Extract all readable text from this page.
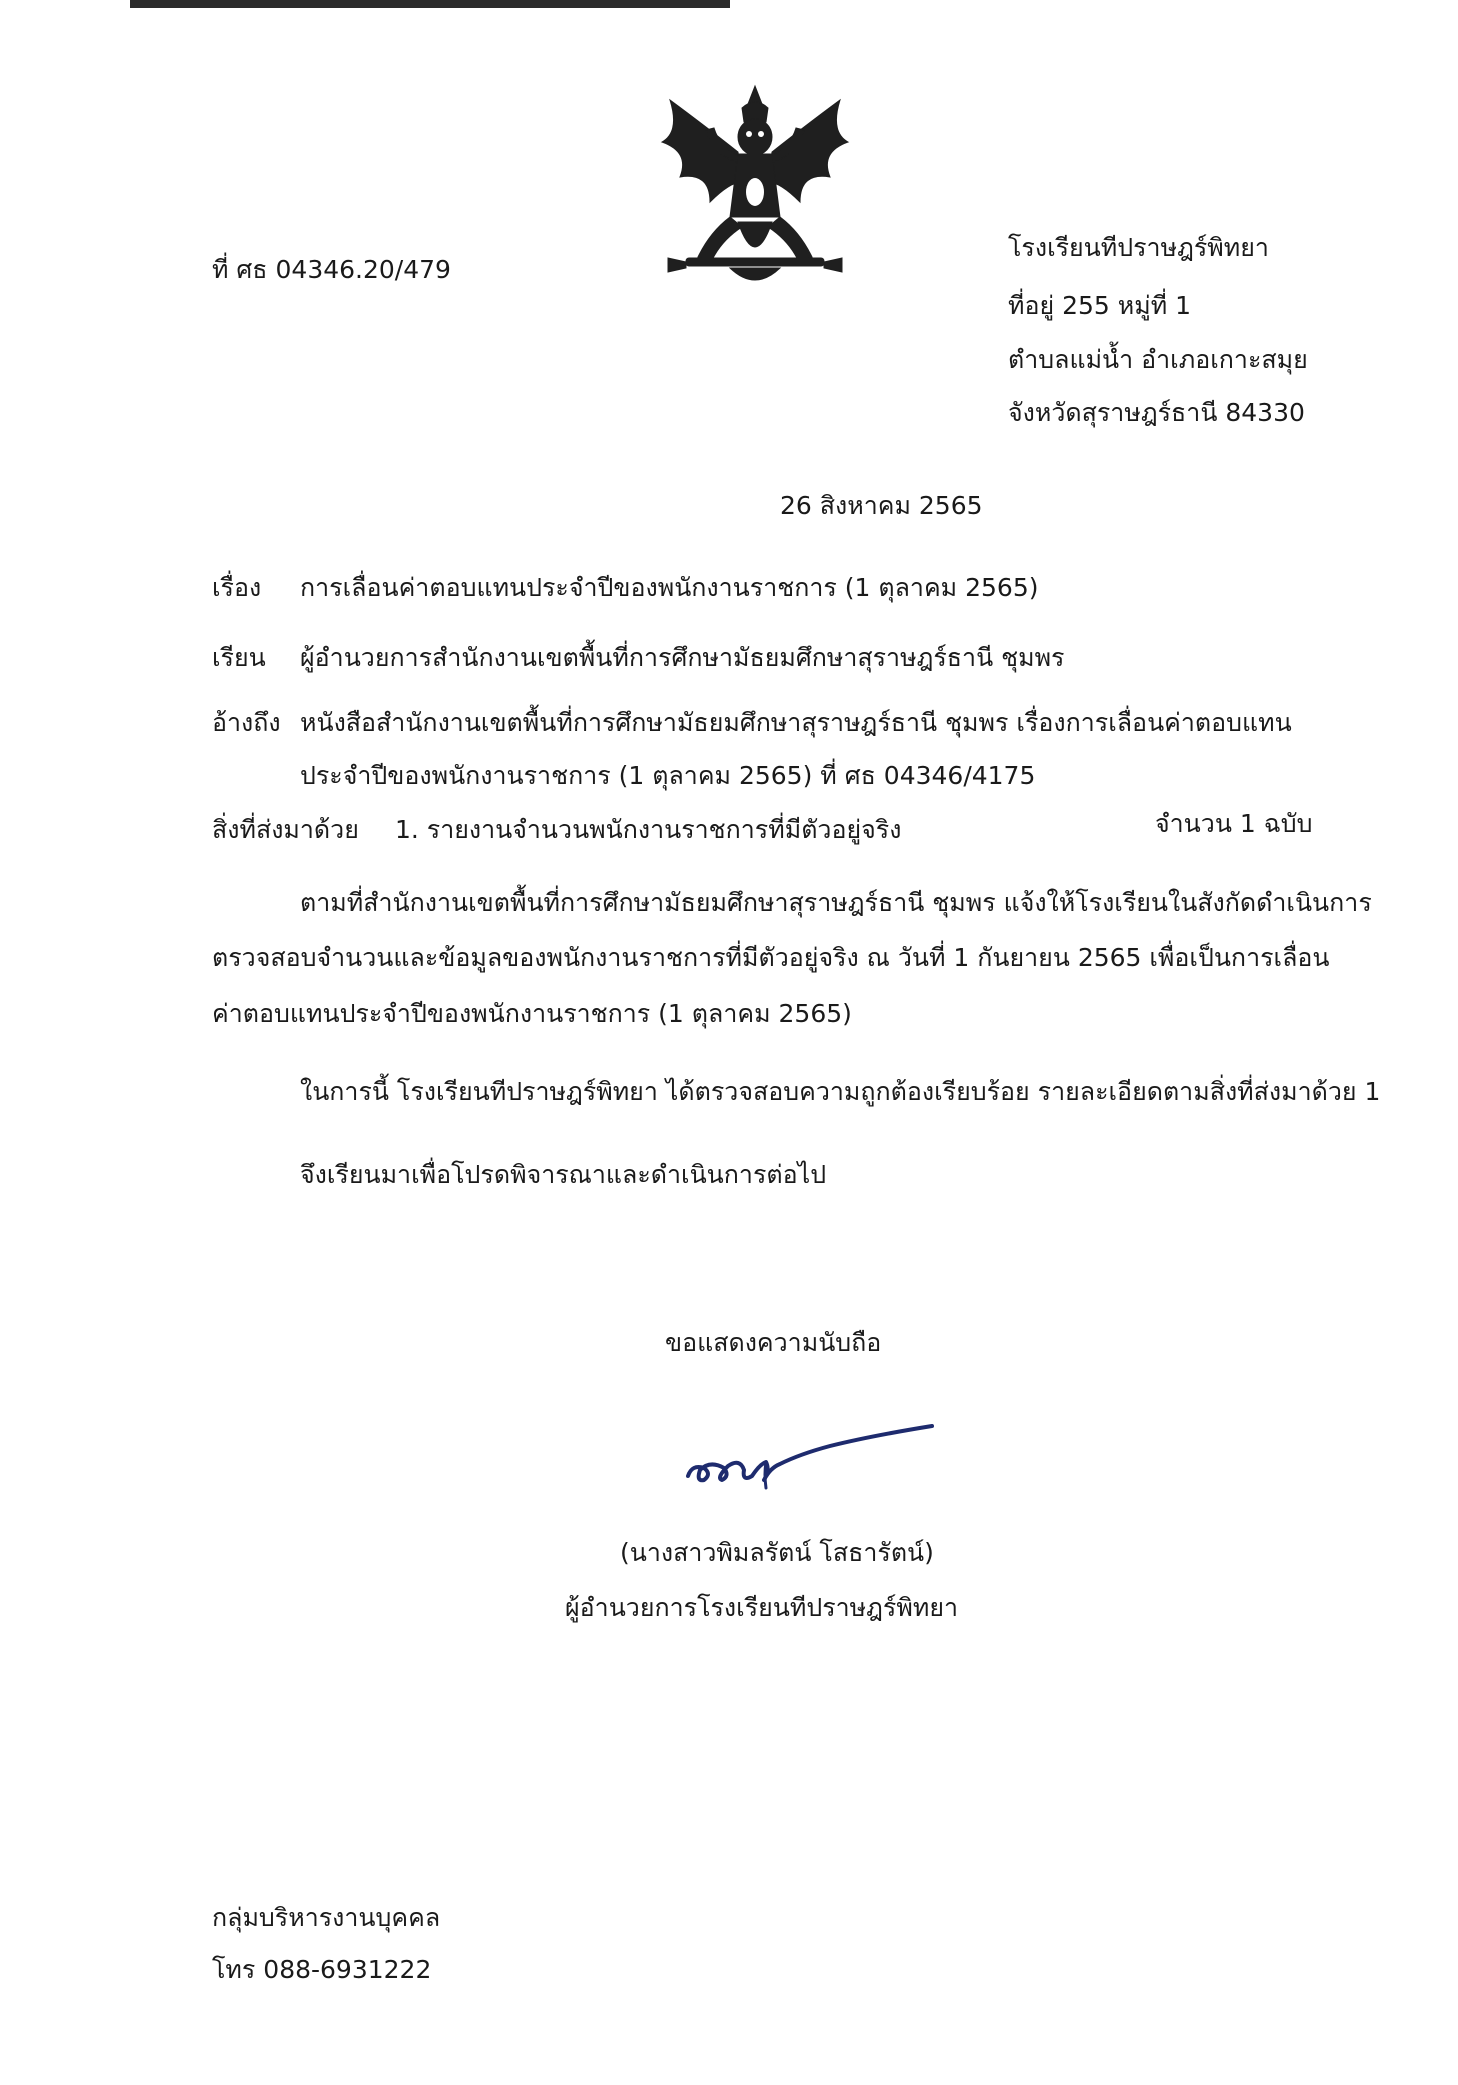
ที่ ศธ 04346.20/479
โรงเรียนทีปราษฎร์พิทยา
ที่อยู่ 255 หมู่ที่ 1
ตำบลแม่น้ำ อำเภอเกาะสมุย
จังหวัดสุราษฎร์ธานี 84330
26 สิงหาคม 2565
เรื่อง การเลื่อนค่าตอบแทนประจำปีของพนักงานราชการ (1 ตุลาคม 2565)
เรียน ผู้อำนวยการสำนักงานเขตพื้นที่การศึกษามัธยมศึกษาสุราษฎร์ธานี ชุมพร
อ้างถึง หนังสือสำนักงานเขตพื้นที่การศึกษามัธยมศึกษาสุราษฎร์ธานี ชุมพร เรื่องการเลื่อนค่าตอบแทน
ประจำปีของพนักงานราชการ (1 ตุลาคม 2565) ที่ ศธ 04346/4175
สิ่งที่ส่งมาด้วย 1. รายงานจำนวนพนักงานราชการที่มีตัวอยู่จริง	จำนวน 1 ฉบับ
ตามที่สำนักงานเขตพื้นที่การศึกษามัธยมศึกษาสุราษฎร์ธานี ชุมพร แจ้งให้โรงเรียนในสังกัดดำเนินการ
ตรวจสอบจำนวนและข้อมูลของพนักงานราชการที่มีตัวอยู่จริง ณ วันที่ 1 กันยายน 2565 เพื่อเป็นการเลื่อน
ค่าตอบแทนประจำปีของพนักงานราชการ (1 ตุลาคม 2565)
ในการนี้ โรงเรียนทีปราษฎร์พิทยา ได้ตรวจสอบความถูกต้องเรียบร้อย รายละเอียดตามสิ่งที่ส่งมาด้วย 1
จึงเรียนมาเพื่อโปรดพิจารณาและดำเนินการต่อไป
ขอแสดงความนับถือ
(นางสาวพิมลรัตน์ โสธารัตน์)
ผู้อำนวยการโรงเรียนทีปราษฎร์พิทยา
กลุ่มบริหารงานบุคคล
โทร 088-6931222
